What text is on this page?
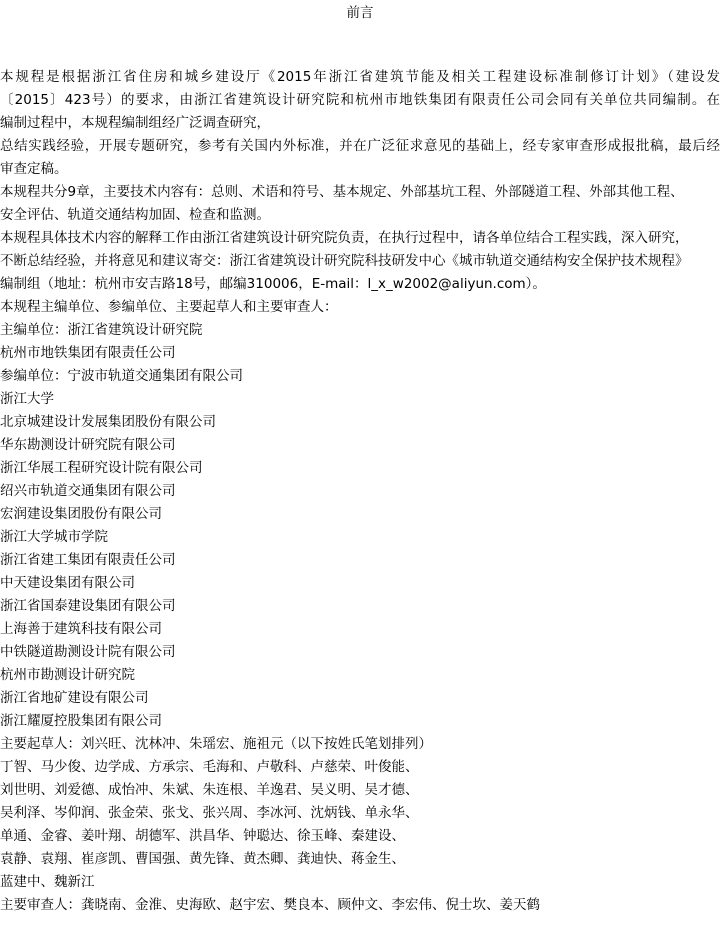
前言
本规程是根据浙江省住房和城乡建设厅《2015年浙江省建筑节能及相关工程建设标准制修订计划》（建设发
〔2015〕423号）的要求，由浙江省建筑设计研究院和杭州市地铁集团有限责任公司会同有关单位共同编制。在
编制过程中，本规程编制组经广泛调查研究，
总结实践经验，开展专题研究，参考有关国内外标准，并在广泛征求意见的基础上，经专家审查形成报批稿，最后经
审查定稿。
本规程共分9章，主要技术内容有：总则、术语和符号、基本规定、外部基坑工程、外部隧道工程、外部其他工程、
安全评估、轨道交通结构加固、检查和监测。
本规程具体技术内容的解释工作由浙江省建筑设计研究院负责，在执行过程中，请各单位结合工程实践，深入研究，
不断总结经验，并将意见和建议寄交：浙江省建筑设计研究院科技研发中心《城市轨道交通结构安全保护技术规程》
编制组（地址：杭州市安吉路18号，邮编310006，E-mail：l_x_w2002@aliyun.com）。
本规程主编单位、参编单位、主要起草人和主要审查人：
主编单位：浙江省建筑设计研究院
杭州市地铁集团有限责任公司
参编单位：宁波市轨道交通集团有限公司
浙江大学
北京城建设计发展集团股份有限公司
华东勘测设计研究院有限公司
浙江华展工程研究设计院有限公司
绍兴市轨道交通集团有限公司
宏润建设集团股份有限公司
浙江大学城市学院
浙江省建工集团有限责任公司
中天建设集团有限公司
浙江省国泰建设集团有限公司
上海善于建筑科技有限公司
中铁隧道勘测设计院有限公司
杭州市勘测设计研究院
浙江省地矿建设有限公司
浙江耀厦控股集团有限公司
主要起草人：刘兴旺、沈林冲、朱瑶宏、施祖元（以下按姓氏笔划排列）
丁智、马少俊、边学成、方承宗、毛海和、卢敬科、卢慈荣、叶俊能、
刘世明、刘爱德、成怡冲、朱斌、朱连根、羊逸君、吴义明、吴才德、
吴利泽、岑仰润、张金荣、张戈、张兴周、李冰河、沈炳钱、单永华、
单通、金睿、姜叶翔、胡德军、洪昌华、钟聪达、徐玉峰、秦建设、
袁静、袁翔、崔彦凯、曹国强、黄先锋、黄杰卿、龚迪快、蒋金生、
蓝建中、魏新江
主要审查人：龚晓南、金淮、史海欧、赵宇宏、樊良本、顾仲文、李宏伟、倪士坎、姜天鹤
